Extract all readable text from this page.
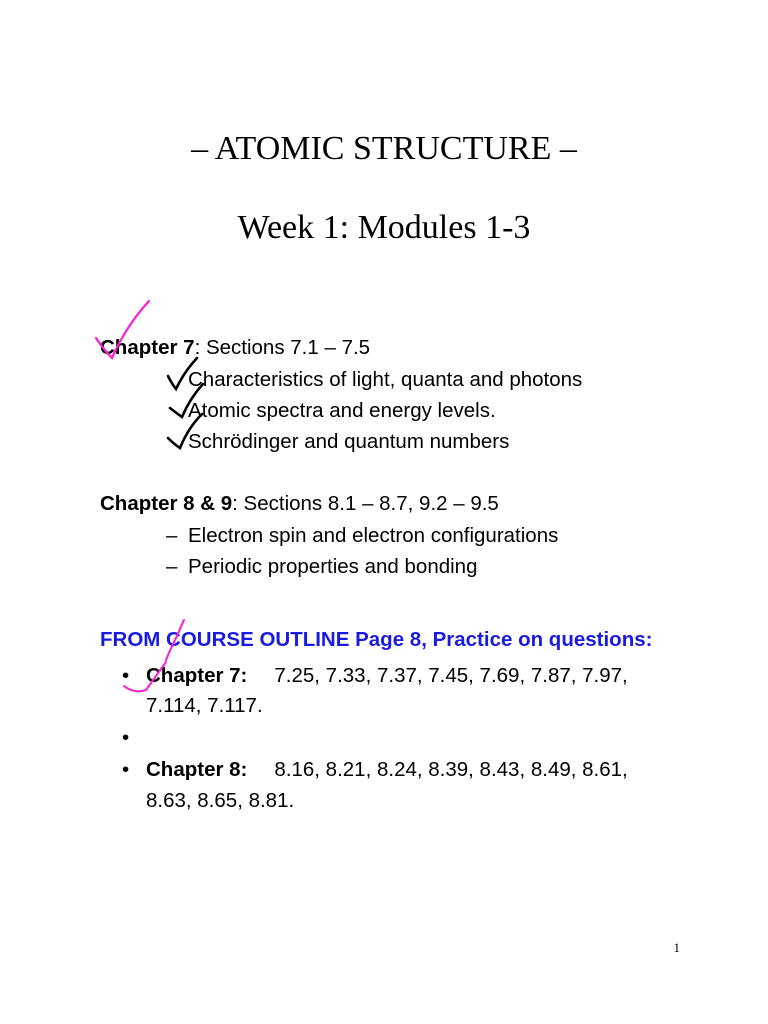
– ATOMIC STRUCTURE –
Week 1: Modules 1-3
Chapter 7: Sections 7.1 – 7.5
Characteristics of light, quanta and photons
Atomic spectra and energy levels.
Schrödinger and quantum numbers
Chapter 8 & 9: Sections 8.1 – 8.7, 9.2 – 9.5
– Electron spin and electron configurations
– Periodic properties and bonding
FROM COURSE OUTLINE Page 8, Practice on questions:
• Chapter 7: 7.25, 7.33, 7.37, 7.45, 7.69, 7.87, 7.97,
7.114, 7.117.
•
• Chapter 8: 8.16, 8.21, 8.24, 8.39, 8.43, 8.49, 8.61,
8.63, 8.65, 8.81.
1
